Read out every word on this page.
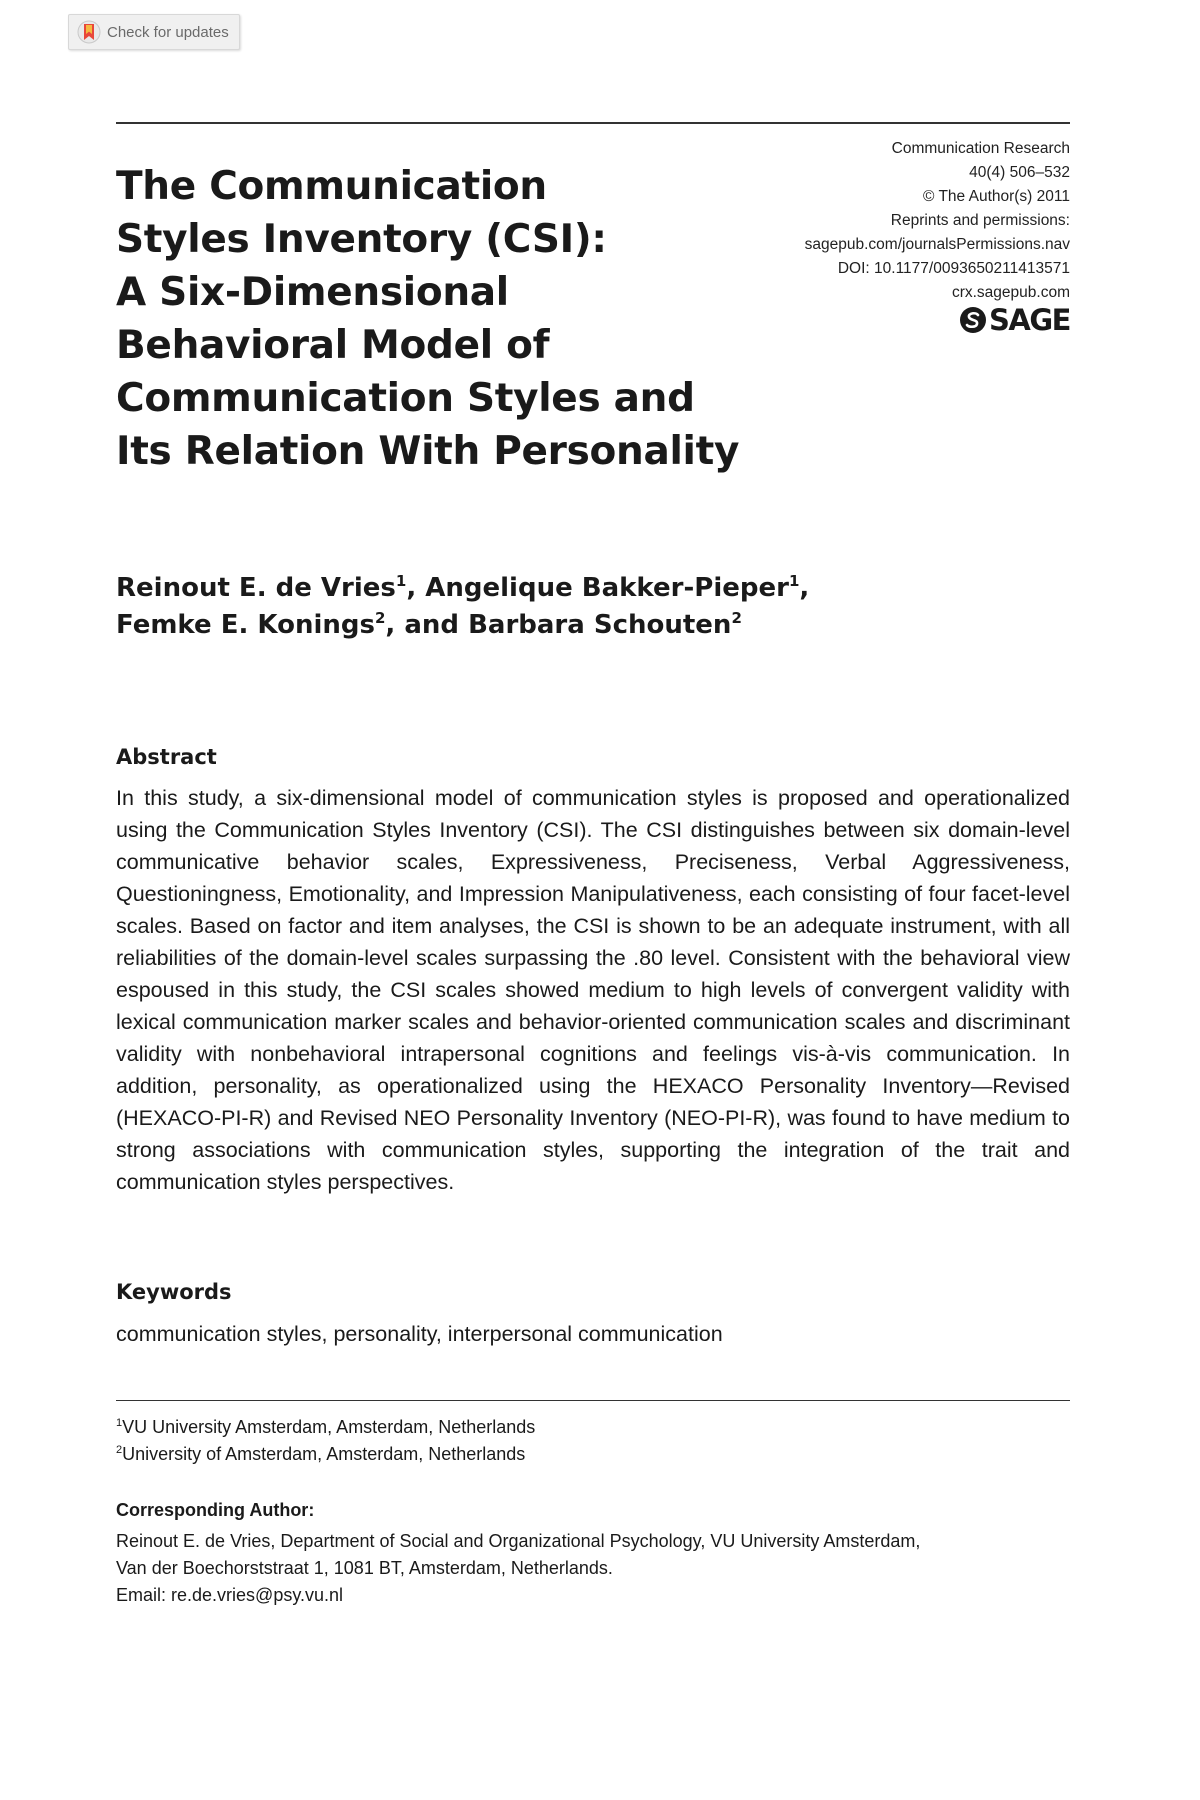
Check for updates
The Communication
Styles Inventory (CSI):
A Six-Dimensional
Behavioral Model of
Communication Styles and
Its Relation With Personality
Communication Research
40(4) 506–532
© The Author(s) 2011
Reprints and permissions:
sagepub.com/journalsPermissions.nav
DOI: 10.1177/0093650211413571
crx.sagepub.com
SAGE
Reinout E. de Vries$^1$, Angelique Bakker-Pieper$^1$,
Femke E. Konings$^2$, and Barbara Schouten$^2$
Abstract
In this study, a six-dimensional model of communication styles is proposed and operationalized using the Communication Styles Inventory (CSI). The CSI distinguishes between six domain-level communicative behavior scales, Expressiveness, Preciseness, Verbal Aggressiveness, Questioningness, Emotionality, and Impression Manipulativeness, each consisting of four facet-level scales. Based on factor and item analyses, the CSI is shown to be an adequate instrument, with all reliabilities of the domain-level scales surpassing the .80 level. Consistent with the behavioral view espoused in this study, the CSI scales showed medium to high levels of convergent validity with lexical communication marker scales and behavior-oriented communication scales and discriminant validity with nonbehavioral intrapersonal cognitions and feelings vis-à-vis communication. In addition, personality, as operationalized using the HEXACO Personality Inventory—Revised (HEXACO-PI-R) and Revised NEO Personality Inventory (NEO-PI-R), was found to have medium to strong associations with communication styles, supporting the integration of the trait and communication styles perspectives.
Keywords
communication styles, personality, interpersonal communication
$^1$VU University Amsterdam, Amsterdam, Netherlands
$^2$University of Amsterdam, Amsterdam, Netherlands
Corresponding Author:
Reinout E. de Vries, Department of Social and Organizational Psychology, VU University Amsterdam,
Van der Boechorststraat 1, 1081 BT, Amsterdam, Netherlands.
Email: re.de.vries@psy.vu.nl
